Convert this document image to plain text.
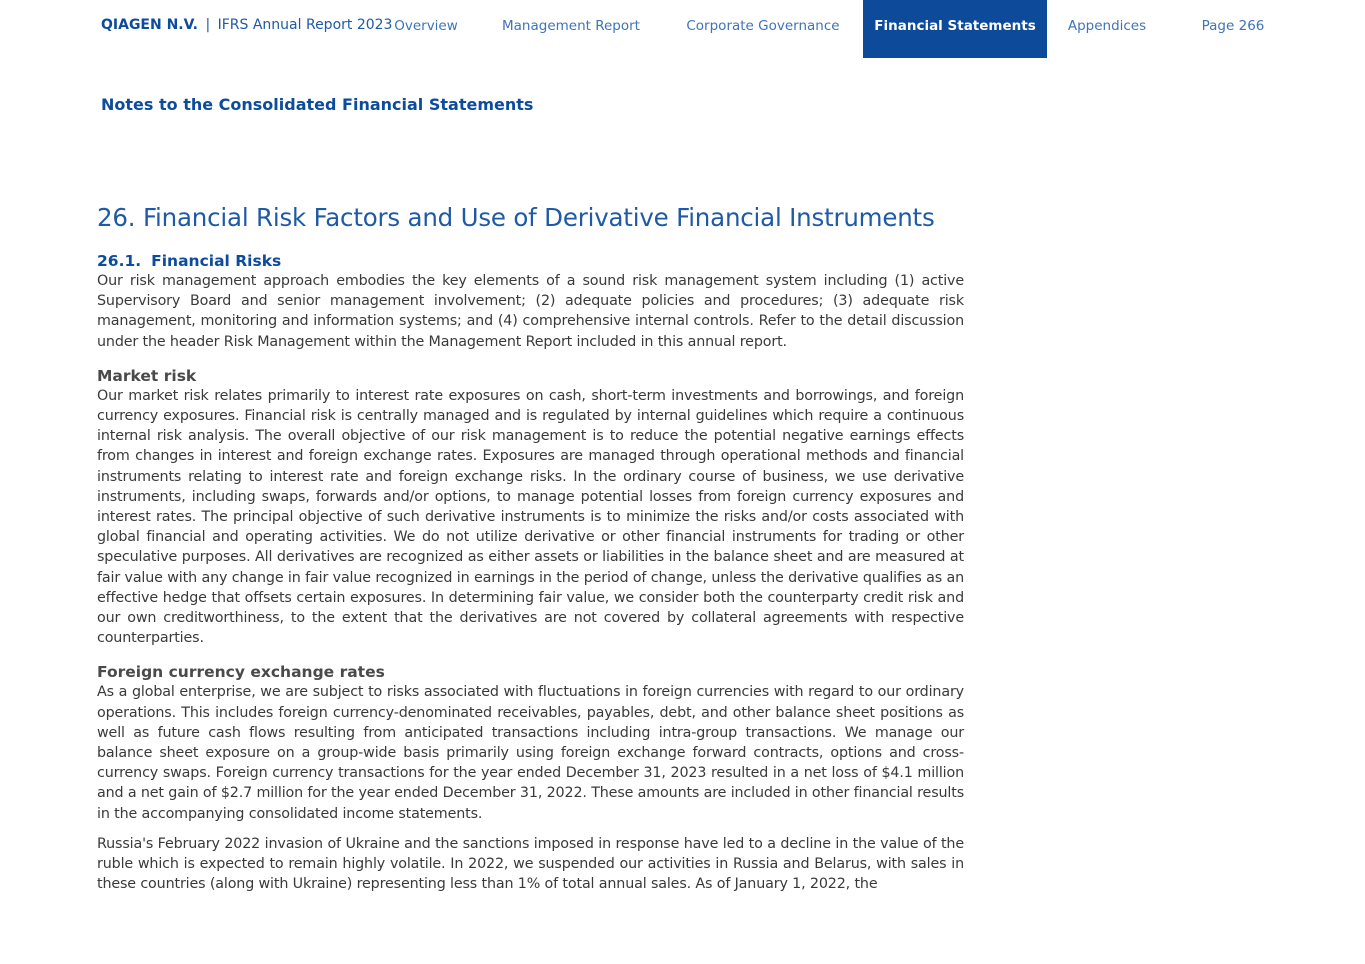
QIAGEN N.V. | IFRS Annual Report 2023 Overview	Management Report	Corporate Governance	Financial Statements	Appendices	Page 266
Notes to the Consolidated Financial Statements
26. Financial Risk Factors and Use of Derivative Financial Instruments
26.1. Financial Risks

Our risk management approach embodies the key elements of a sound risk management system including (1) active Supervisory Board and senior management involvement; (2) adequate policies and procedures; (3) adequate risk management, monitoring and information systems; and (4) comprehensive internal controls. Refer to the detail discussion under the header Risk Management within the Management Report included in this annual report.

Market risk

Our market risk relates primarily to interest rate exposures on cash, short-term investments and borrowings, and foreign currency exposures. Financial risk is centrally managed and is regulated by internal guidelines which require a continuous internal risk analysis. The overall objective of our risk management is to reduce the potential negative earnings effects from changes in interest and foreign exchange rates. Exposures are managed through operational methods and financial instruments relating to interest rate and foreign exchange risks. In the ordinary course of business, we use derivative instruments, including swaps, forwards and/or options, to manage potential losses from foreign currency exposures and interest rates. The principal objective of such derivative instruments is to minimize the risks and/or costs associated with global financial and operating activities. We do not utilize derivative or other financial instruments for trading or other speculative purposes. All derivatives are recognized as either assets or liabilities in the balance sheet and are measured at fair value with any change in fair value recognized in earnings in the period of change, unless the derivative qualifies as an effective hedge that offsets certain exposures. In determining fair value, we consider both the counterparty credit risk and our own creditworthiness, to the extent that the derivatives are not covered by collateral agreements with respective counterparties.

Foreign currency exchange rates

As a global enterprise, we are subject to risks associated with fluctuations in foreign currencies with regard to our ordinary operations. This includes foreign currency-denominated receivables, payables, debt, and other balance sheet positions as well as future cash flows resulting from anticipated transactions including intra-group transactions. We manage our balance sheet exposure on a group-wide basis primarily using foreign exchange forward contracts, options and cross-currency swaps. Foreign currency transactions for the year ended December 31, 2023 resulted in a net loss of $4.1 million and a net gain of $2.7 million for the year ended December 31, 2022. These amounts are included in other financial results in the accompanying consolidated income statements.

Russia's February 2022 invasion of Ukraine and the sanctions imposed in response have led to a decline in the value of the ruble which is expected to remain highly volatile. In 2022, we suspended our activities in Russia and Belarus, with sales in these countries (along with Ukraine) representing less than 1% of total annual sales. As of January 1, 2022, the
